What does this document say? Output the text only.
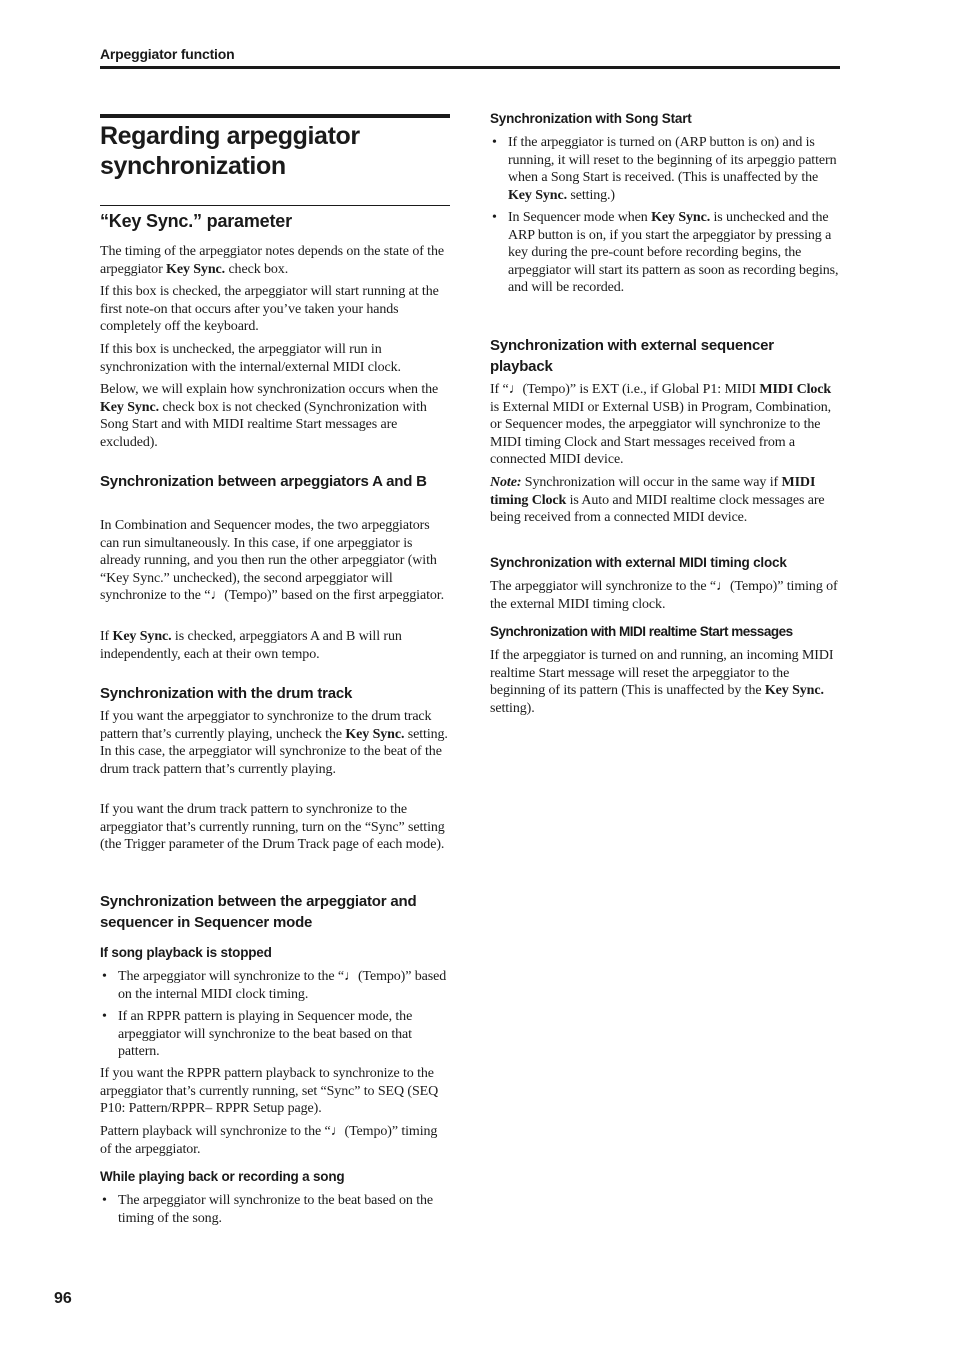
Arpeggiator function
Regarding arpeggiator synchronization
“Key Sync.” parameter

The timing of the arpeggiator notes depends on the state of the arpeggiator Key Sync. check box.

If this box is checked, the arpeggiator will start running at the first note-on that occurs after you’ve taken your hands completely off the keyboard.

If this box is unchecked, the arpeggiator will run in synchronization with the internal/external MIDI clock.

Below, we will explain how synchronization occurs when the Key Sync. check box is not checked (Synchronization with Song Start and with MIDI realtime Start messages are excluded).

Synchronization between arpeggiators A and B

In Combination and Sequencer modes, the two arpeggiators can run simultaneously. In this case, if one arpeggiator is already running, and you then run the other arpeggiator (with “Key Sync.” unchecked), the second arpeggiator will synchronize to the “♩(Tempo)” based on the first arpeggiator.

If Key Sync. is checked, arpeggiators A and B will run independently, each at their own tempo.

Synchronization with the drum track

If you want the arpeggiator to synchronize to the drum track pattern that’s currently playing, uncheck the Key Sync. setting. In this case, the arpeggiator will synchronize to the beat of the drum track pattern that’s currently playing.

If you want the drum track pattern to synchronize to the arpeggiator that’s currently running, turn on the “Sync” setting (the Trigger parameter of the Drum Track page of each mode).

Synchronization between the arpeggiator and sequencer in Sequencer mode
If song playback is stopped

• The arpeggiator will synchronize to the “♩(Tempo)” based on the internal MIDI clock timing.

• If an RPPR pattern is playing in Sequencer mode, the arpeggiator will synchronize to the beat based on that pattern.

If you want the RPPR pattern playback to synchronize to the arpeggiator that’s currently running, set “Sync” to SEQ (SEQ P10: Pattern/RPPR– RPPR Setup page).

Pattern playback will synchronize to the “♩(Tempo)” timing of the arpeggiator.

While playing back or recording a song

• The arpeggiator will synchronize to the beat based on the timing of the song.

Synchronization with Song Start

• If the arpeggiator is turned on (ARP button is on) and is running, it will reset to the beginning of its arpeggio pattern when a Song Start is received. (This is unaffected by the Key Sync. setting.)

• In Sequencer mode when Key Sync. is unchecked and the ARP button is on, if you start the arpeggiator by pressing a key during the pre-count before recording begins, the arpeggiator will start its pattern as soon as recording begins, and will be recorded.

Synchronization with external sequencer playback

If “♩(Tempo)” is EXT (i.e., if Global P1: MIDI MIDI Clock is External MIDI or External USB) in Program, Combination, or Sequencer modes, the arpeggiator will synchronize to the MIDI timing Clock and Start messages received from a connected MIDI device.

Note: Synchronization will occur in the same way if MIDI timing Clock is Auto and MIDI realtime clock messages are being received from a connected MIDI device.

Synchronization with external MIDI timing clock

The arpeggiator will synchronize to the “♩(Tempo)” timing of the external MIDI timing clock.

Synchronization with MIDI realtime Start messages

If the arpeggiator is turned on and running, an incoming MIDI realtime Start message will reset the arpeggiator to the beginning of its pattern (This is unaffected by the Key Sync. setting).

96
